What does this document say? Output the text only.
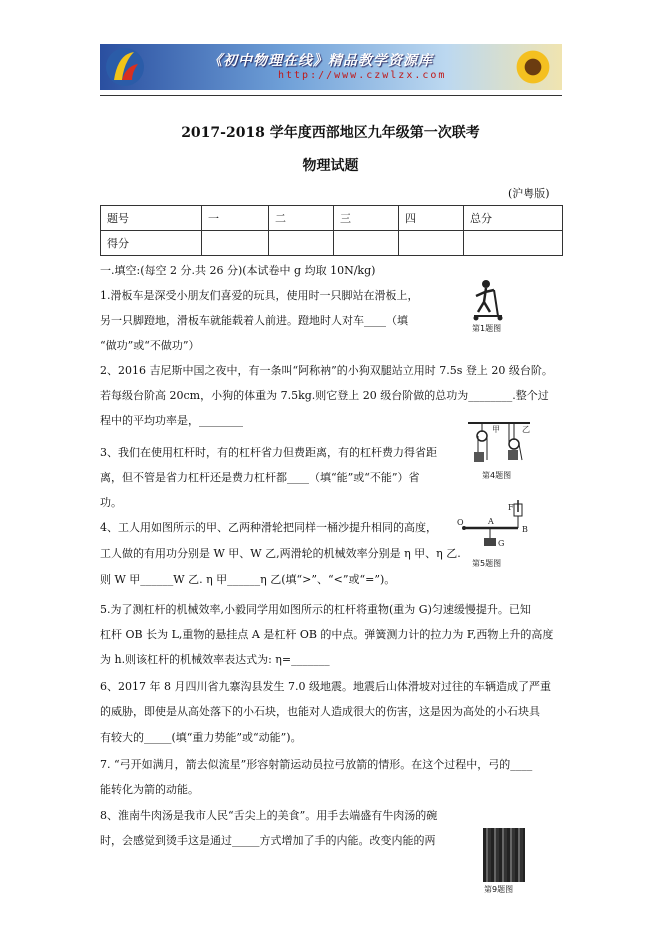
《初中物理在线》精品教学资源库
http://www.czwlzx.com
2017-2018 学年度西部地区九年级第一次联考
物理试题
(沪粤版)
题号	一	二	三	四	总分
得分					
一.填空:(每空 2 分.共 26 分)(本试卷中 g 均取 10N/kg)
1.滑板车是深受小朋友们喜爱的玩具，使用时一只脚站在滑板上，
另一只脚蹬地，滑板车就能载着人前进。蹬地时人对车____（填
“做功”或“不做功”）
2、2016 吉尼斯中国之夜中，有一条叫“阿称衲”的小狗双腿站立用时 7.5s 登上 20 级台阶。
若每级台阶高 20cm，小狗的体重为 7.5kg.则它登上 20 级台阶做的总功为________.整个过
程中的平均功率是，________
3、我们在使用杠杆时，有的杠杆省力但费距离，有的杠杆费力得省距
离，但不管是省力杠杆还是费力杠杆都____（填“能”或“不能”）省
功。
4、工人用如图所示的甲、乙两种滑轮把同样一桶沙提升相同的高度，
工人做的有用功分别是 W 甲、W 乙,两滑轮的机械效率分别是 η 甲、η 乙.
则 W 甲______W 乙. η 甲______η 乙(填“>”、“<”或“=”)。
5.为了测杠杆的机械效率,小毅同学用如图所示的杠杆将重物(重为 G)匀速缓慢提升。已知
杠杆 OB 长为 L,重物的悬挂点 A 是杠杆 OB 的中点。弹簧测力计的拉力为 F,西物上升的高度
为 h.则该杠杆的机械效率表达式为: η=_______
6、2017 年 8 月四川省九寨沟县发生 7.0 级地震。地震后山体滑坡对过往的车辆造成了严重
的威胁，即使是从高处落下的小石块，也能对人造成很大的伤害，这是因为高处的小石块具
有较大的_____(填“重力势能”或“动能”)。
7. “弓开如满月，箭去似流星”形容射箭运动员拉弓放箭的情形。在这个过程中，弓的____
能转化为箭的动能。
8、淮南牛肉汤是我市人民“舌尖上的美食”。用手去端盛有牛肉汤的碗
时，会感觉到烫手这是通过_____方式增加了手的内能。改变内能的两
第1题图
甲	乙
第4题图
O	A
B
F
G
第5题图
第9题图
